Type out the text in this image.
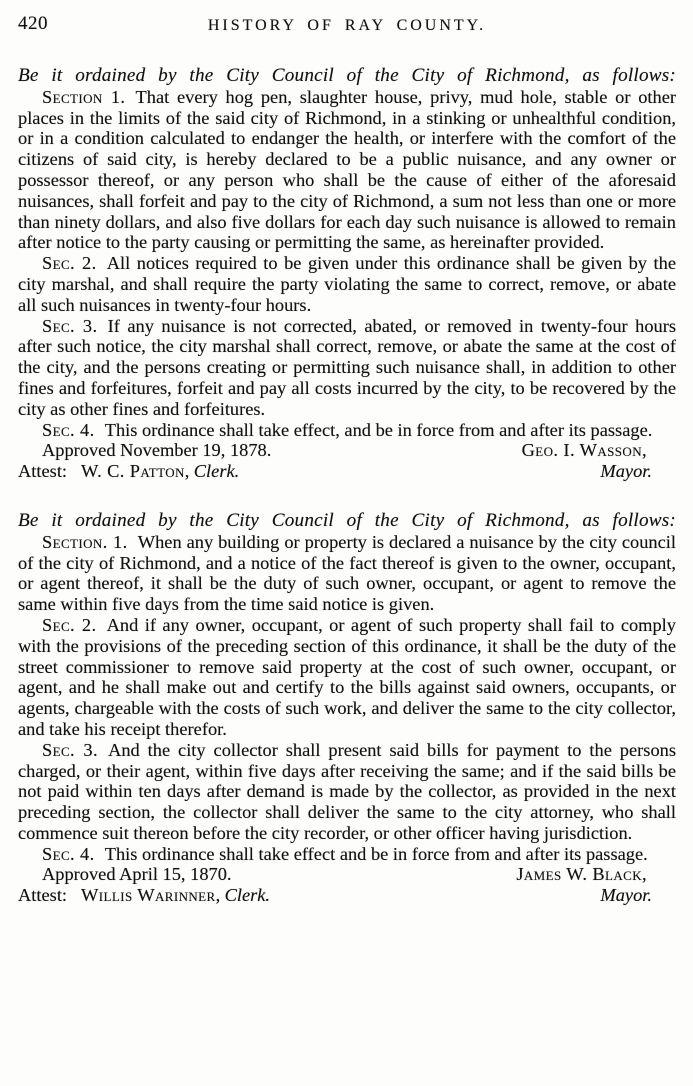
420	HISTORY OF RAY COUNTY.

Be it ordained by the City Council of the City of Richmond, as follows:

Section 1. That every hog pen, slaughter house, privy, mud hole, stable or other places in the limits of the said city of Richmond, in a stinking or unhealthful condition, or in a condition calculated to endanger the health, or interfere with the comfort of the citizens of said city, is hereby declared to be a public nuisance, and any owner or possessor thereof, or any person who shall be the cause of either of the aforesaid nuisances, shall forfeit and pay to the city of Richmond, a sum not less than one or more than ninety dollars, and also five dollars for each day such nuisance is allowed to remain after notice to the party causing or permitting the same, as hereinafter provided.

Sec. 2. All notices required to be given under this ordinance shall be given by the city marshal, and shall require the party violating the same to correct, remove, or abate all such nuisances in twenty-four hours.

Sec. 3. If any nuisance is not corrected, abated, or removed in twenty-four hours after such notice, the city marshal shall correct, remove, or abate the same at the cost of the city, and the persons creating or permitting such nuisance shall, in addition to other fines and forfeitures, forfeit and pay all costs incurred by the city, to be recovered by the city as other fines and forfeitures.

Sec. 4. This ordinance shall take effect, and be in force from and after its passage.

Approved November 19, 1878.	Geo. I. Wasson,
Attest: W. C. Patton, Clerk.	Mayor.

Be it ordained by the City Council of the City of Richmond, as follows:

Section. 1. When any building or property is declared a nuisance by the city council of the city of Richmond, and a notice of the fact thereof is given to the owner, occupant, or agent thereof, it shall be the duty of such owner, occupant, or agent to remove the same within five days from the time said notice is given.

Sec. 2. And if any owner, occupant, or agent of such property shall fail to comply with the provisions of the preceding section of this ordinance, it shall be the duty of the street commissioner to remove said property at the cost of such owner, occupant, or agent, and he shall make out and certify to the bills against said owners, occupants, or agents, chargeable with the costs of such work, and deliver the same to the city collector, and take his receipt therefor.

Sec. 3. And the city collector shall present said bills for payment to the persons charged, or their agent, within five days after receiving the same; and if the said bills be not paid within ten days after demand is made by the collector, as provided in the next preceding section, the collector shall deliver the same to the city attorney, who shall commence suit thereon before the city recorder, or other officer having jurisdiction.

Sec. 4. This ordinance shall take effect and be in force from and after its passage.

Approved April 15, 1870.	James W. Black,
Attest: Willis Warinner, Clerk.	Mayor.
